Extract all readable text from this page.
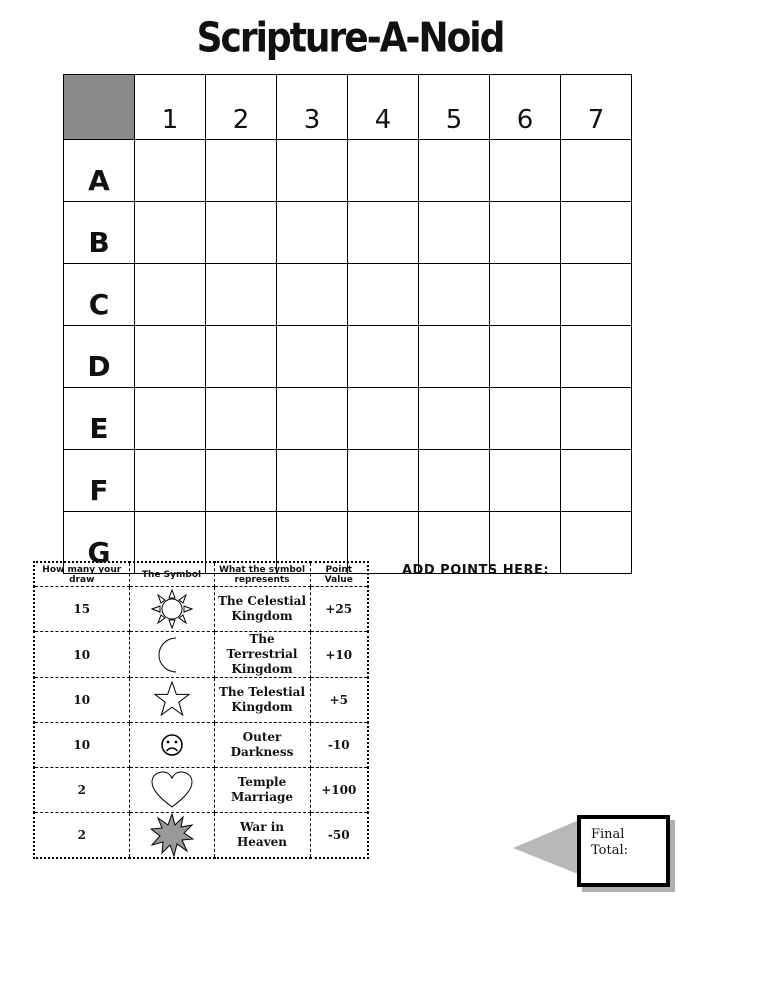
Scripture-A-Noid
	1	2	3	4	5	6	7
A							
B							
C							
D							
E							
F							
G							
How many your draw	The Symbol	What the symbol represents	Point Value
15		The Celestial Kingdom	+25
10		The Terrestrial Kingdom	+10
10		The Telestial Kingdom	+5
10		Outer Darkness	-10
2		Temple Marriage	+100
2		War in Heaven	-50
ADD POINTS HERE:
Final
Total:
